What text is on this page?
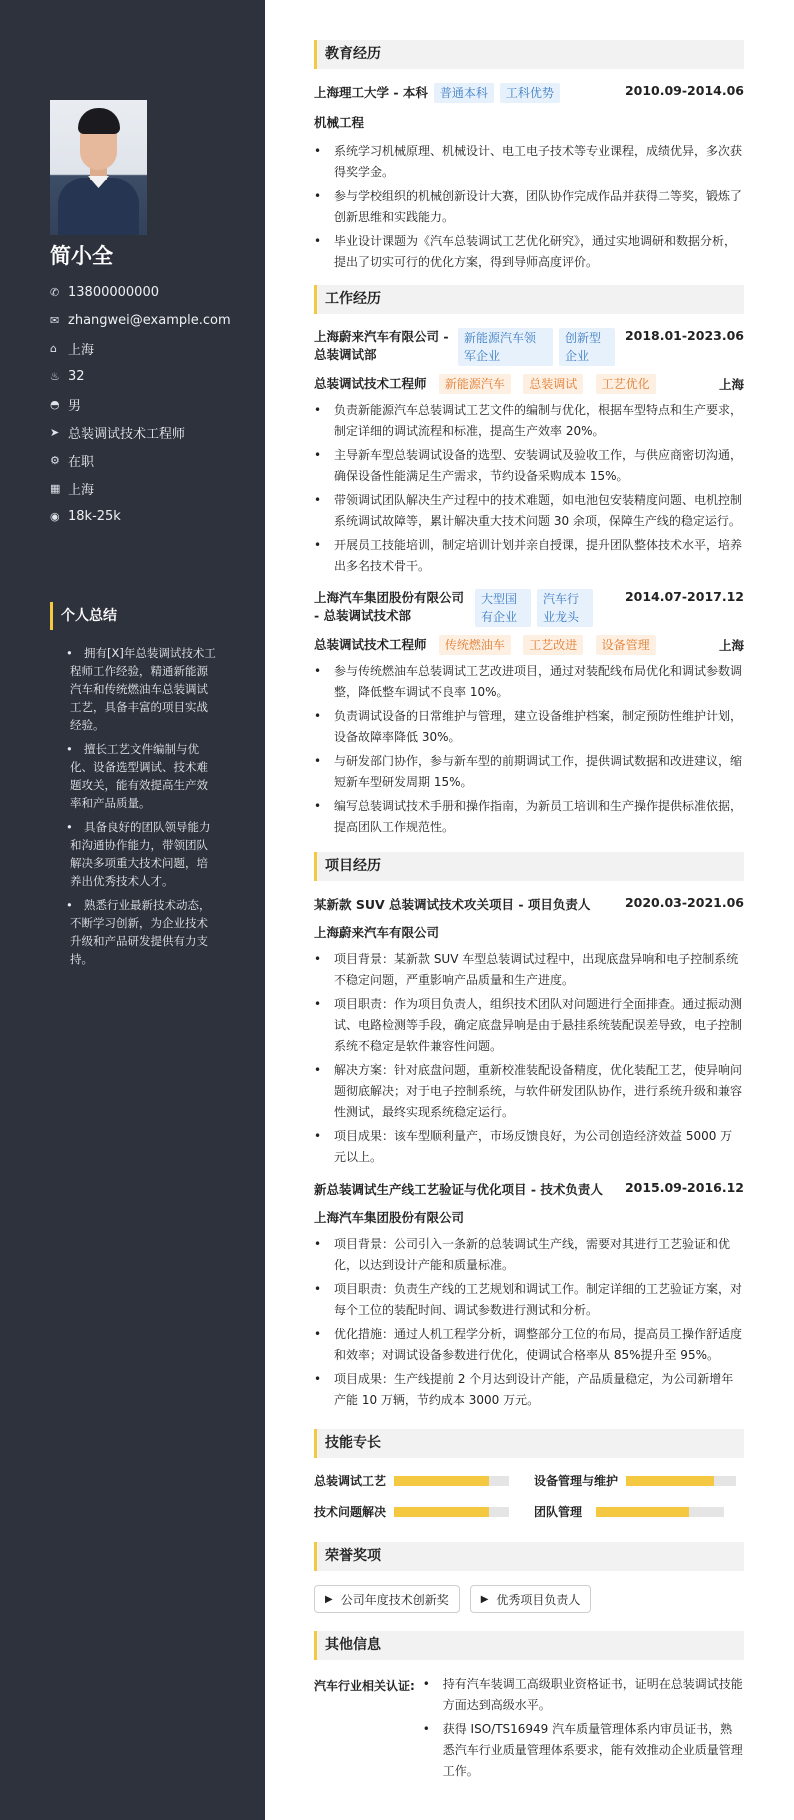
简小全
✆ 13800000000
✉ zhangwei@example.com
⌂ 上海
♨ 32
◓ 男
➤ 总装调试技术工程师
⚙ 在职
▦ 上海
◉ 18k-25k
个人总结
• 拥有[X]年总装调试技术工程师工作经验，精通新能源汽车和传统燃油车总装调试工艺，具备丰富的项目实战经验。
• 擅长工艺文件编制与优化、设备选型调试、技术难题攻关，能有效提高生产效率和产品质量。
• 具备良好的团队领导能力和沟通协作能力，带领团队解决多项重大技术问题，培养出优秀技术人才。
• 熟悉行业最新技术动态，不断学习创新，为企业技术升级和产品研发提供有力支持。
教育经历
上海理工大学 - 本科	普通本科	工科优势	2010.09-2014.06
机械工程
• 系统学习机械原理、机械设计、电工电子技术等专业课程，成绩优异，多次获得奖学金。
• 参与学校组织的机械创新设计大赛，团队协作完成作品并获得二等奖，锻炼了创新思维和实践能力。
• 毕业设计课题为《汽车总装调试工艺优化研究》，通过实地调研和数据分析，提出了切实可行的优化方案，得到导师高度评价。
工作经历
上海蔚来汽车有限公司 - 总装调试部
新能源汽车领军企业
创新型企业
2018.01-2023.06
总装调试技术工程师 新能源汽车 总装调试 工艺优化	上海
• 负责新能源汽车总装调试工艺文件的编制与优化，根据车型特点和生产要求，制定详细的调试流程和标准，提高生产效率 20%。
• 主导新车型总装调试设备的选型、安装调试及验收工作，与供应商密切沟通，确保设备性能满足生产需求，节约设备采购成本 15%。
• 带领调试团队解决生产过程中的技术难题，如电池包安装精度问题、电机控制系统调试故障等，累计解决重大技术问题 30 余项，保障生产线的稳定运行。
• 开展员工技能培训，制定培训计划并亲自授课，提升团队整体技术水平，培养出多名技术骨干。
上海汽车集团股份有限公司 - 总装调试技术部
大型国有企业
汽车行业龙头
2014.07-2017.12
总装调试技术工程师 传统燃油车 工艺改进 设备管理	上海
• 参与传统燃油车总装调试工艺改进项目，通过对装配线布局优化和调试参数调整，降低整车调试不良率 10%。
• 负责调试设备的日常维护与管理，建立设备维护档案，制定预防性维护计划，设备故障率降低 30%。
• 与研发部门协作，参与新车型的前期调试工作，提供调试数据和改进建议，缩短新车型研发周期 15%。
• 编写总装调试技术手册和操作指南，为新员工培训和生产操作提供标准依据，提高团队工作规范性。
项目经历
某新款 SUV 总装调试技术攻关项目 - 项目负责人	2020.03-2021.06
上海蔚来汽车有限公司
• 项目背景：某新款 SUV 车型总装调试过程中，出现底盘异响和电子控制系统不稳定问题，严重影响产品质量和生产进度。
• 项目职责：作为项目负责人，组织技术团队对问题进行全面排查。通过振动测试、电路检测等手段，确定底盘异响是由于悬挂系统装配误差导致，电子控制系统不稳定是软件兼容性问题。
• 解决方案：针对底盘问题，重新校准装配设备精度，优化装配工艺，使异响问题彻底解决；对于电子控制系统，与软件研发团队协作，进行系统升级和兼容性测试，最终实现系统稳定运行。
• 项目成果：该车型顺利量产，市场反馈良好，为公司创造经济效益 5000 万元以上。
新总装调试生产线工艺验证与优化项目 - 技术负责人 2015.09-2016.12
上海汽车集团股份有限公司
• 项目背景：公司引入一条新的总装调试生产线，需要对其进行工艺验证和优化，以达到设计产能和质量标准。
• 项目职责：负责生产线的工艺规划和调试工作。制定详细的工艺验证方案，对每个工位的装配时间、调试参数进行测试和分析。
• 优化措施：通过人机工程学分析，调整部分工位的布局，提高员工操作舒适度和效率；对调试设备参数进行优化，使调试合格率从 85%提升至 95%。
• 项目成果：生产线提前 2 个月达到设计产能，产品质量稳定，为公司新增年产能 10 万辆，节约成本 3000 万元。
技能专长
总装调试工艺	设备管理与维护
技术问题解决	团队管理
荣誉奖项
▶ 公司年度技术创新奖	▶ 优秀项目负责人
其他信息
汽车行业相关认证:
•	持有汽车装调工高级职业资格证书，证明在总装调试技能方面达到高级水平。
• 获得 ISO/TS16949 汽车质量管理体系内审员证书，熟悉汽车行业质量管理体系要求，能有效推动企业质量管理工作。
